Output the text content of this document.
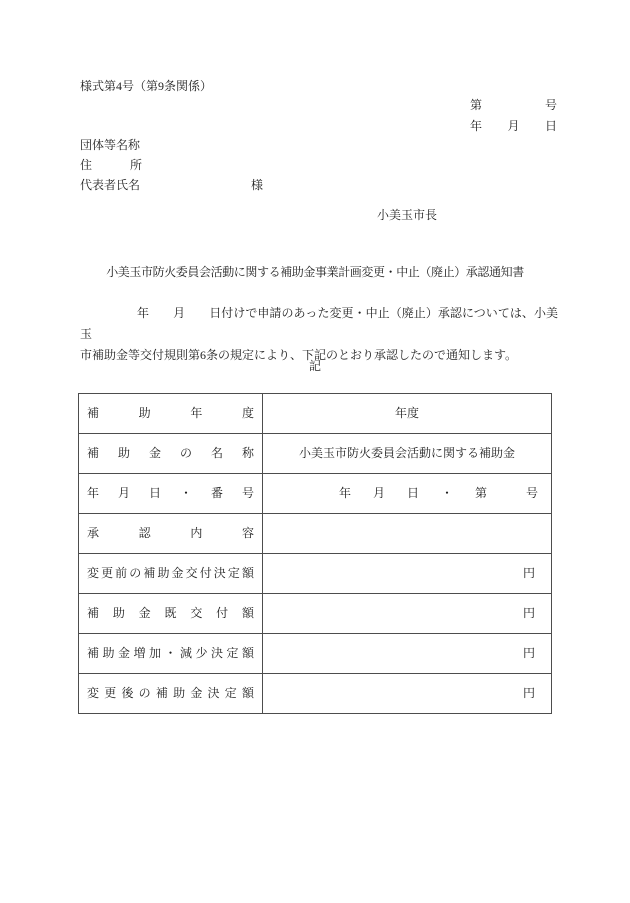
様式第4号（第9条関係）
第	号
年 月 日
団体等名称
住	所
代表者氏名	様
小美玉市長
小美玉市防火委員会活動に関する補助金事業計画変更・中止（廃止）承認通知書
年　　月　　日付けで申請のあった変更・中止（廃止）承認については、小美玉
市補助金等交付規則第6条の規定により、下記のとおり承認したので通知します。
記
補助年度	年度
補助金の名称	小美玉市防火委員会活動に関する補助金
年月日・番号	年　月　日　・　第　　号
承認内容
変更前の補助金交付決定額	円
補助金既交付額	円
補助金増加・減少決定額	円
変更後の補助金決定額	円
